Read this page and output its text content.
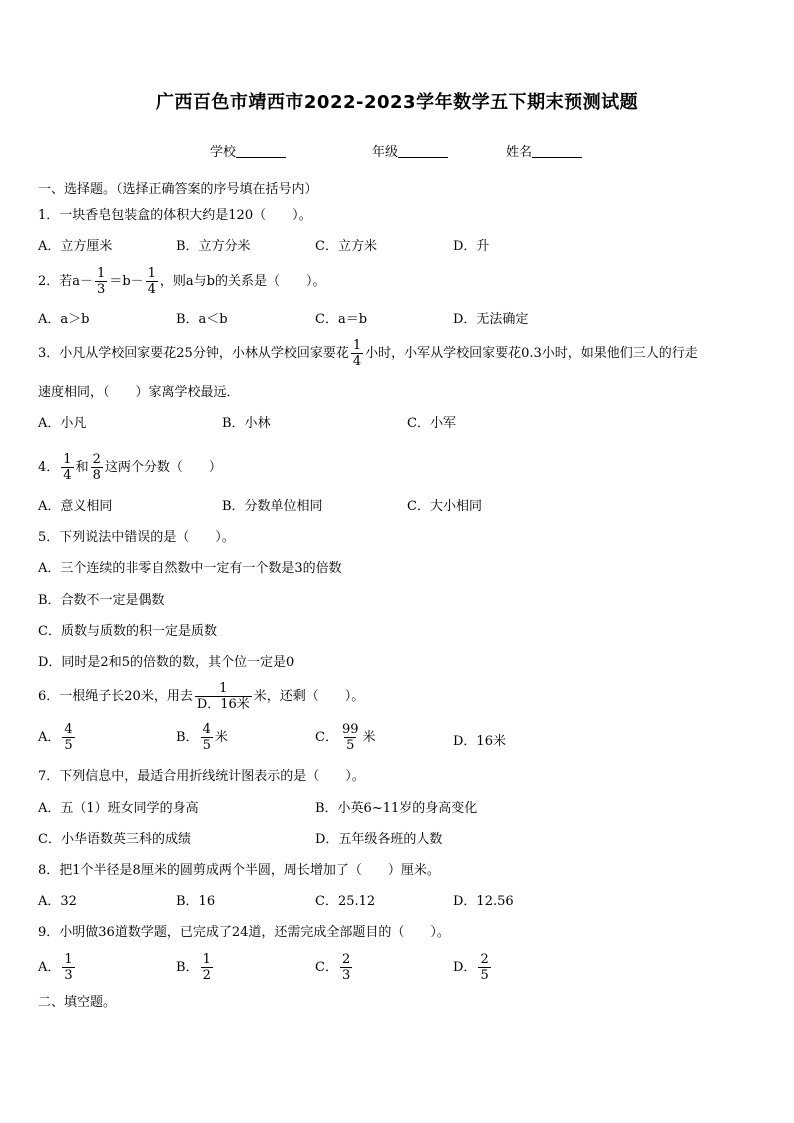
广西百色市靖西市2022-2023学年数学五下期末预测试题
学校	年级	姓名
一、选择题。（选择正确答案的序号填在括号内）
1．一块香皂包装盒的体积大约是120（　　）。
A．立方厘米	B．立方分米	C．立方米	D．升
2．若$a- \frac{1}{3} =b- \frac{1}{4}$ ，则a与b的关系是（　　）。
A．a＞b	B．a＜b	C．a＝b	D．无法确定
3．小凡从学校回家要花25分钟，小林从学校回家要花 $\frac{1}{4}$ 小时，小军从学校回家要花0.3小时，如果他们三人的行走
速度相同，（　　）家离学校最远．
A．小凡	B．小林	C．小军
4． $\frac{1}{4}$ 和 $\frac{2}{8}$ 这两个分数（　　）
A．意义相同	B．分数单位相同	C．大小相同
5．下列说法中错误的是（　　）。
A．三个连续的非零自然数中一定有一个数是3的倍数
B．合数不一定是偶数
C．质数与质数的积一定是质数
D．同时是2和5的倍数的数，其个位一定是0
6．一根绳子长20米，用去 $\frac{1}{\text{D．16米}}$ 米，还剩（　　）。
A． $\frac{4}{5}$	B． $\frac{4}{5}$ 米	C． $\frac{99}{5}$ 米	D．16米
7．下列信息中，最适合用折线统计图表示的是（　　）。
A．五（1）班女同学的身高	B．小英6~11岁的身高变化
C．小华语数英三科的成绩	D．五年级各班的人数
8．把1个半径是8厘米的圆剪成两个半圆，周长增加了（　　）厘米。
A．32	B．16	C．25.12	D．12.56
9．小明做36道数学题，已完成了24道，还需完成全部题目的（　　）。
A． $\frac{1}{3}$	B． $\frac{1}{2}$	C． $\frac{2}{3}$	D． $\frac{2}{5}$
二、填空题。
